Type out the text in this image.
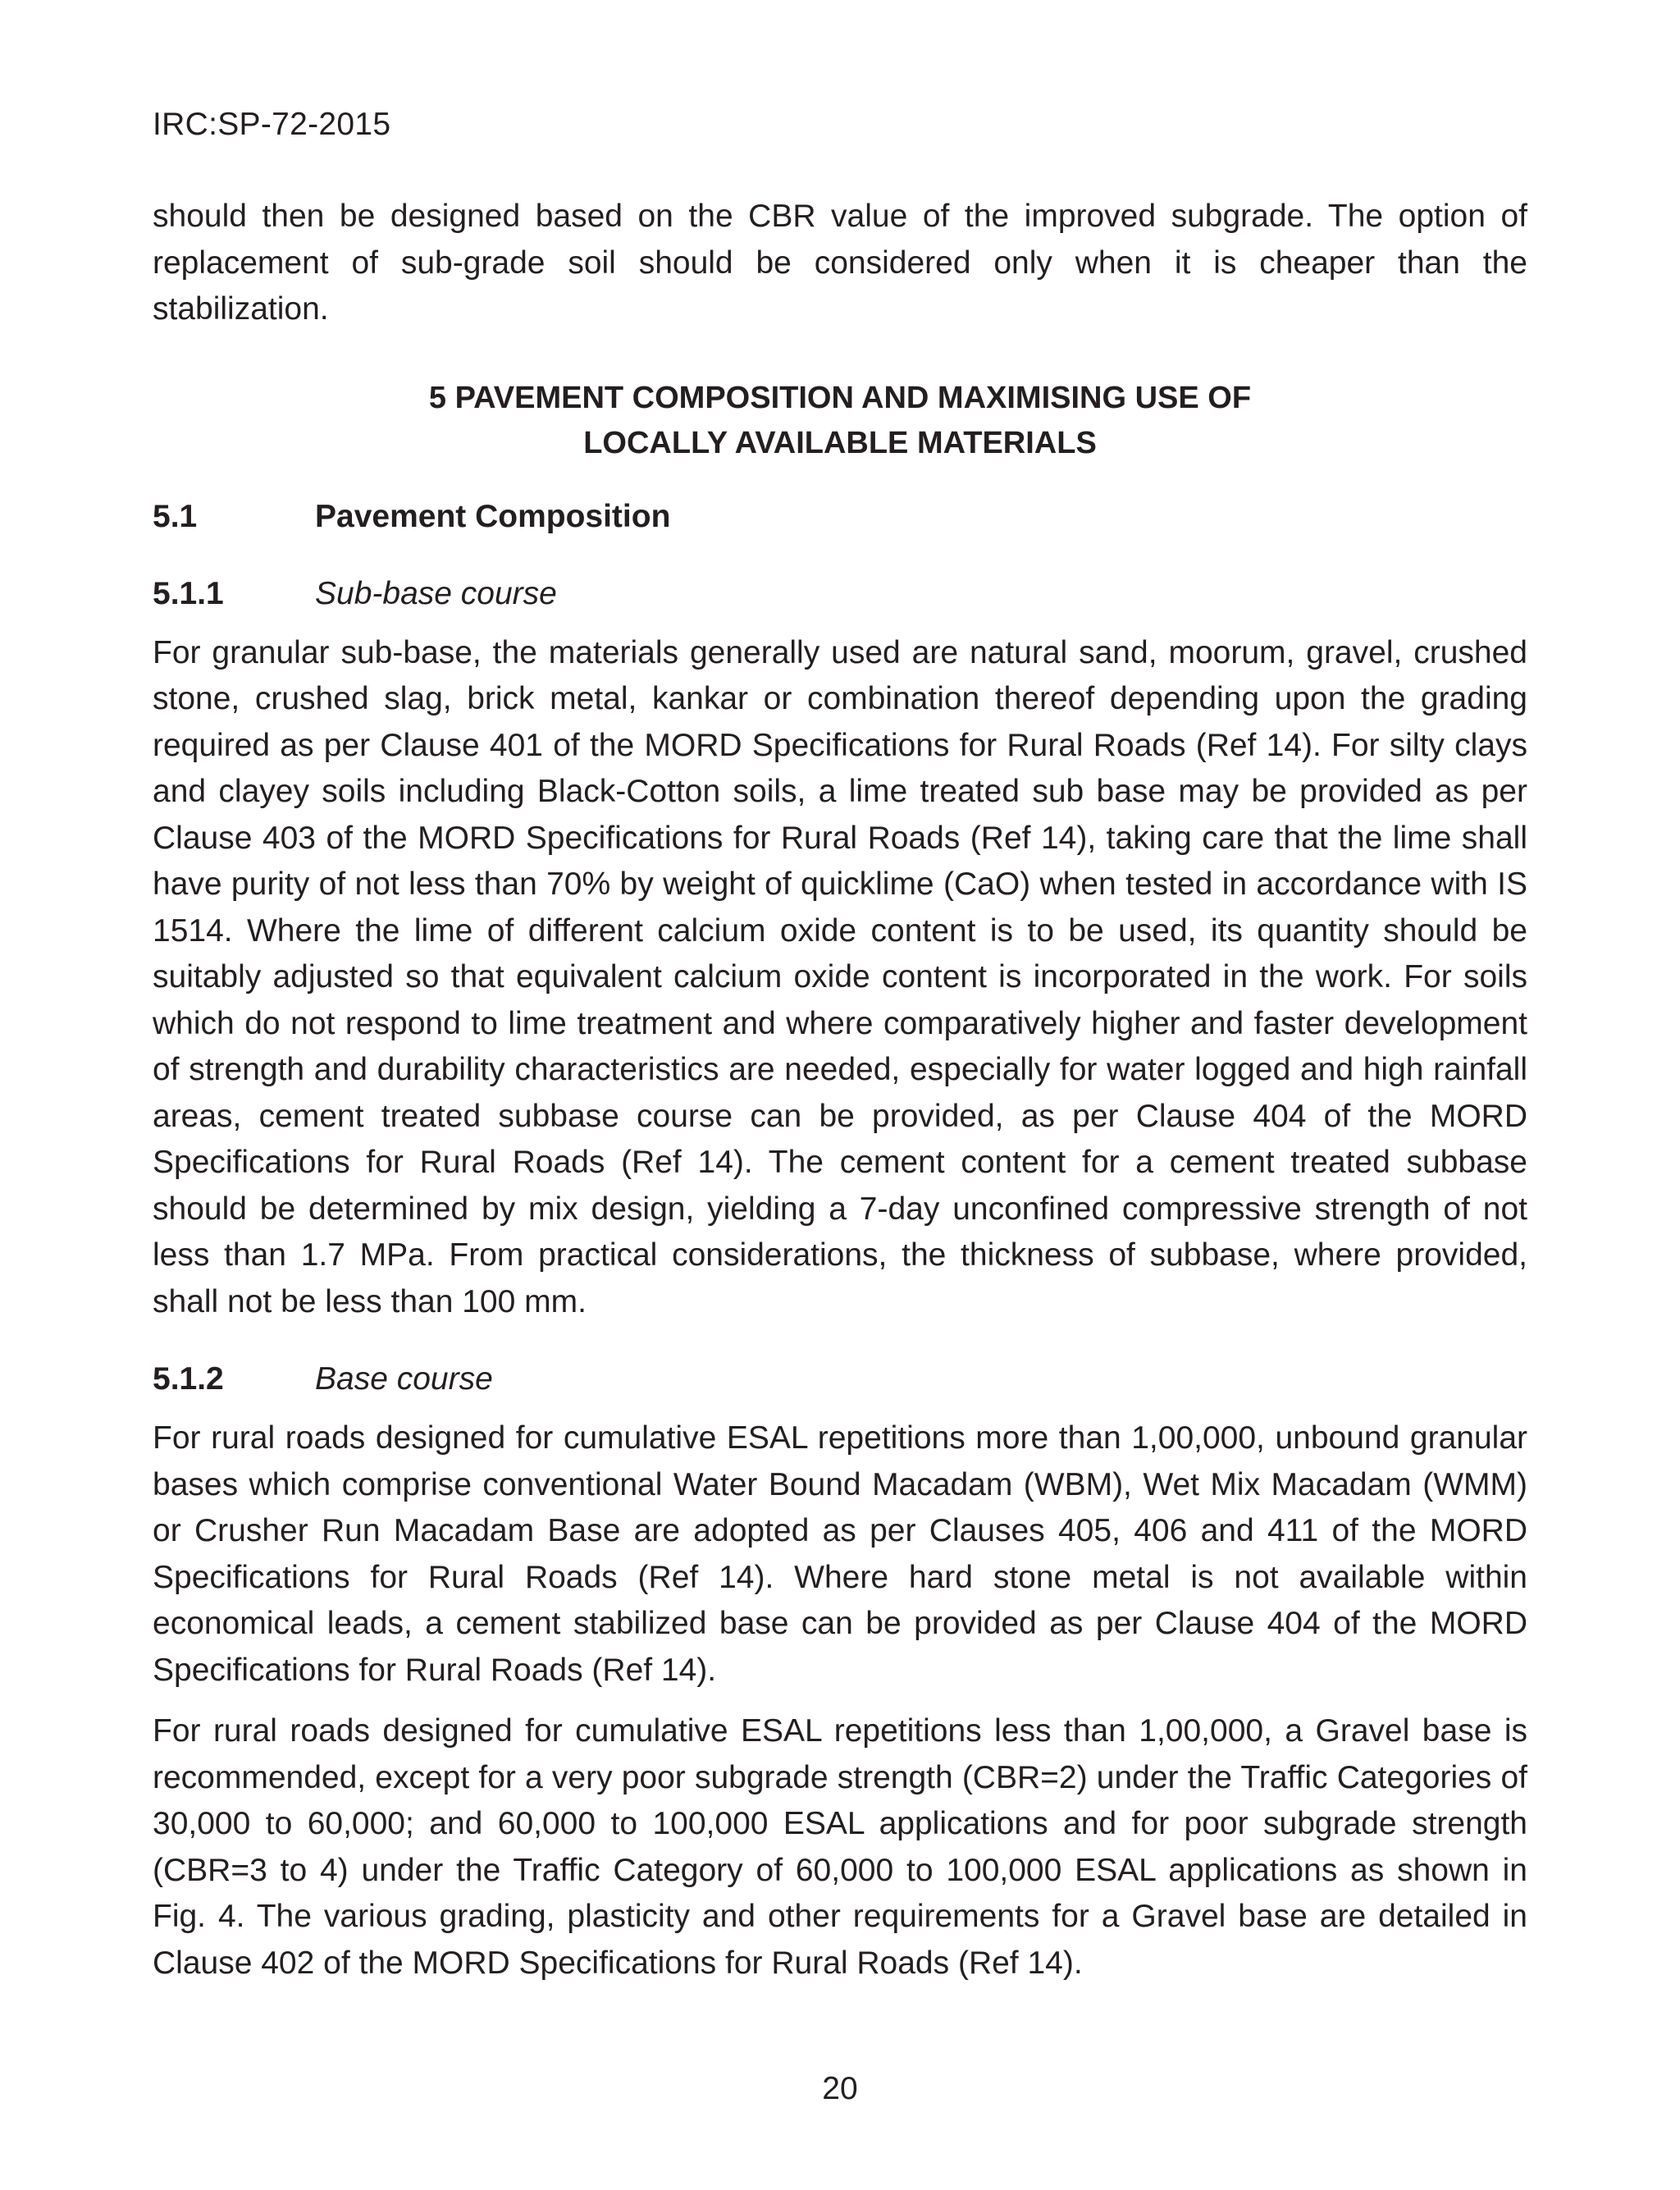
IRC:SP-72-2015

should then be designed based on the CBR value of the improved subgrade. The option of replacement of sub-grade soil should be considered only when it is cheaper than the stabilization.

5 PAVEMENT COMPOSITION AND MAXIMISING USE OF
LOCALLY AVAILABLE MATERIALS
5.1	Pavement Composition
5.1.1	Sub-base course

For granular sub-base, the materials generally used are natural sand, moorum, gravel, crushed stone, crushed slag, brick metal, kankar or combination thereof depending upon the grading required as per Clause 401 of the MORD Specifications for Rural Roads (Ref 14). For silty clays and clayey soils including Black-Cotton soils, a lime treated sub base may be provided as per Clause 403 of the MORD Specifications for Rural Roads (Ref 14), taking care that the lime shall have purity of not less than 70% by weight of quicklime (CaO) when tested in accordance with IS 1514. Where the lime of different calcium oxide content is to be used, its quantity should be suitably adjusted so that equivalent calcium oxide content is incorporated in the work. For soils which do not respond to lime treatment and where comparatively higher and faster development of strength and durability characteristics are needed, especially for water logged and high rainfall areas, cement treated subbase course can be provided, as per Clause 404 of the MORD Specifications for Rural Roads (Ref 14). The cement content for a cement treated subbase should be determined by mix design, yielding a 7-day unconfined compressive strength of not less than 1.7 MPa. From practical considerations, the thickness of subbase, where provided, shall not be less than 100 mm.

5.1.2	Base course

For rural roads designed for cumulative ESAL repetitions more than 1,00,000, unbound granular bases which comprise conventional Water Bound Macadam (WBM), Wet Mix Macadam (WMM) or Crusher Run Macadam Base are adopted as per Clauses 405, 406 and 411 of the MORD Specifications for Rural Roads (Ref 14). Where hard stone metal is not available within economical leads, a cement stabilized base can be provided as per Clause 404 of the MORD Specifications for Rural Roads (Ref 14).

For rural roads designed for cumulative ESAL repetitions less than 1,00,000, a Gravel base is recommended, except for a very poor subgrade strength (CBR=2) under the Traffic Categories of 30,000 to 60,000; and 60,000 to 100,000 ESAL applications and for poor subgrade strength (CBR=3 to 4) under the Traffic Category of 60,000 to 100,000 ESAL applications as shown in Fig. 4. The various grading, plasticity and other requirements for a Gravel base are detailed in Clause 402 of the MORD Specifications for Rural Roads (Ref 14).

20
